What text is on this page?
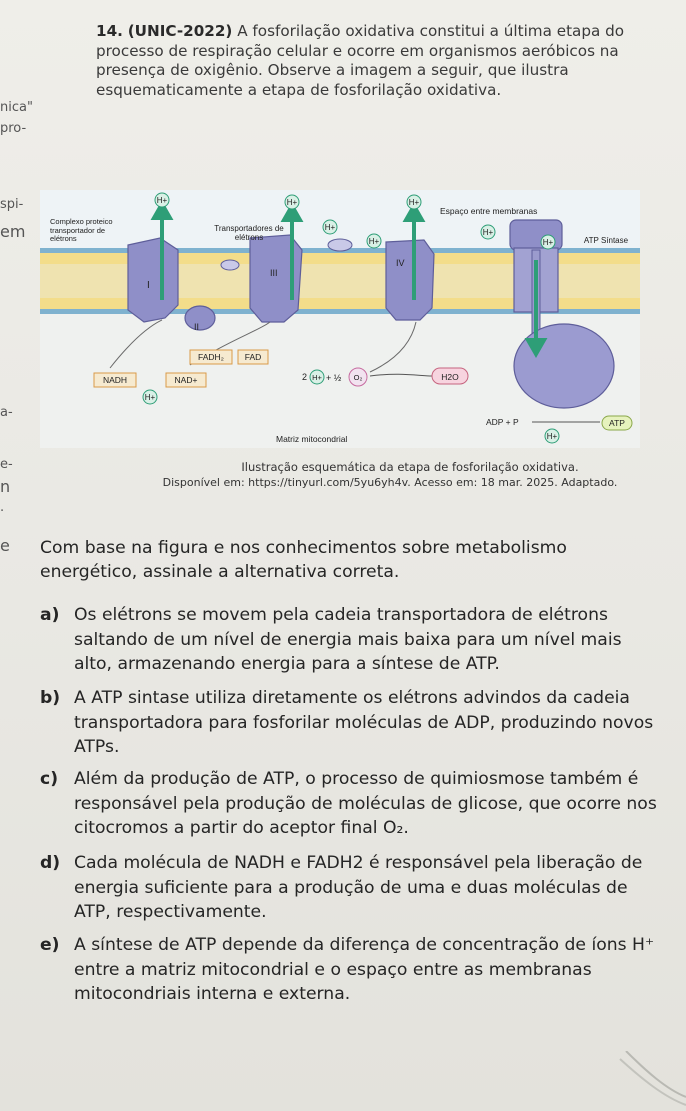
nica"
pro-
spi-
em
a-
e-
n
.
e
14. (UNIC-2022) A fosforilação oxidativa constitui a última etapa do processo de respiração celular e ocorre em organismos aeróbicos na presença de oxigênio. Observe a imagem a seguir, que ilustra esquematicamente a etapa de fosforilação oxidativa.
I
II
III
IV
H+	H+
H+
H+
H+
H+
H+
H+
H+
Espaço entre membranas
Complexo proteico transportador de elétrons
Transportadores de elétrons	ATP Síntase
FADH₂ FAD
NADH	NAD+	2 H+ + ½ O₂	H2O
ADP + P	ATP
Matriz mitocondrial
Ilustração esquemática da etapa de fosforilação oxidativa.
Disponível em: https://tinyurl.com/5yu6yh4v. Acesso em: 18 mar. 2025. Adaptado.
Com base na figura e nos conhecimentos sobre metabolismo energético, assinale a alternativa correta.
a) Os elétrons se movem pela cadeia transportadora de elétrons saltando de um nível de energia mais baixa para um nível mais alto, armazenando energia para a síntese de ATP.
b) A ATP sintase utiliza diretamente os elétrons advindos da cadeia transportadora para fosforilar moléculas de ADP, produzindo novos ATPs.
c) Além da produção de ATP, o processo de quimiosmose também é responsável pela produção de moléculas de glicose, que ocorre nos citocromos a partir do aceptor final O₂.
d) Cada molécula de NADH e FADH2 é responsável pela liberação de energia suficiente para a produção de uma e duas moléculas de ATP, respectivamente.
e) A síntese de ATP depende da diferença de concentração de íons H⁺ entre a matriz mitocondrial e o espaço entre as membranas mitocondriais interna e externa.
